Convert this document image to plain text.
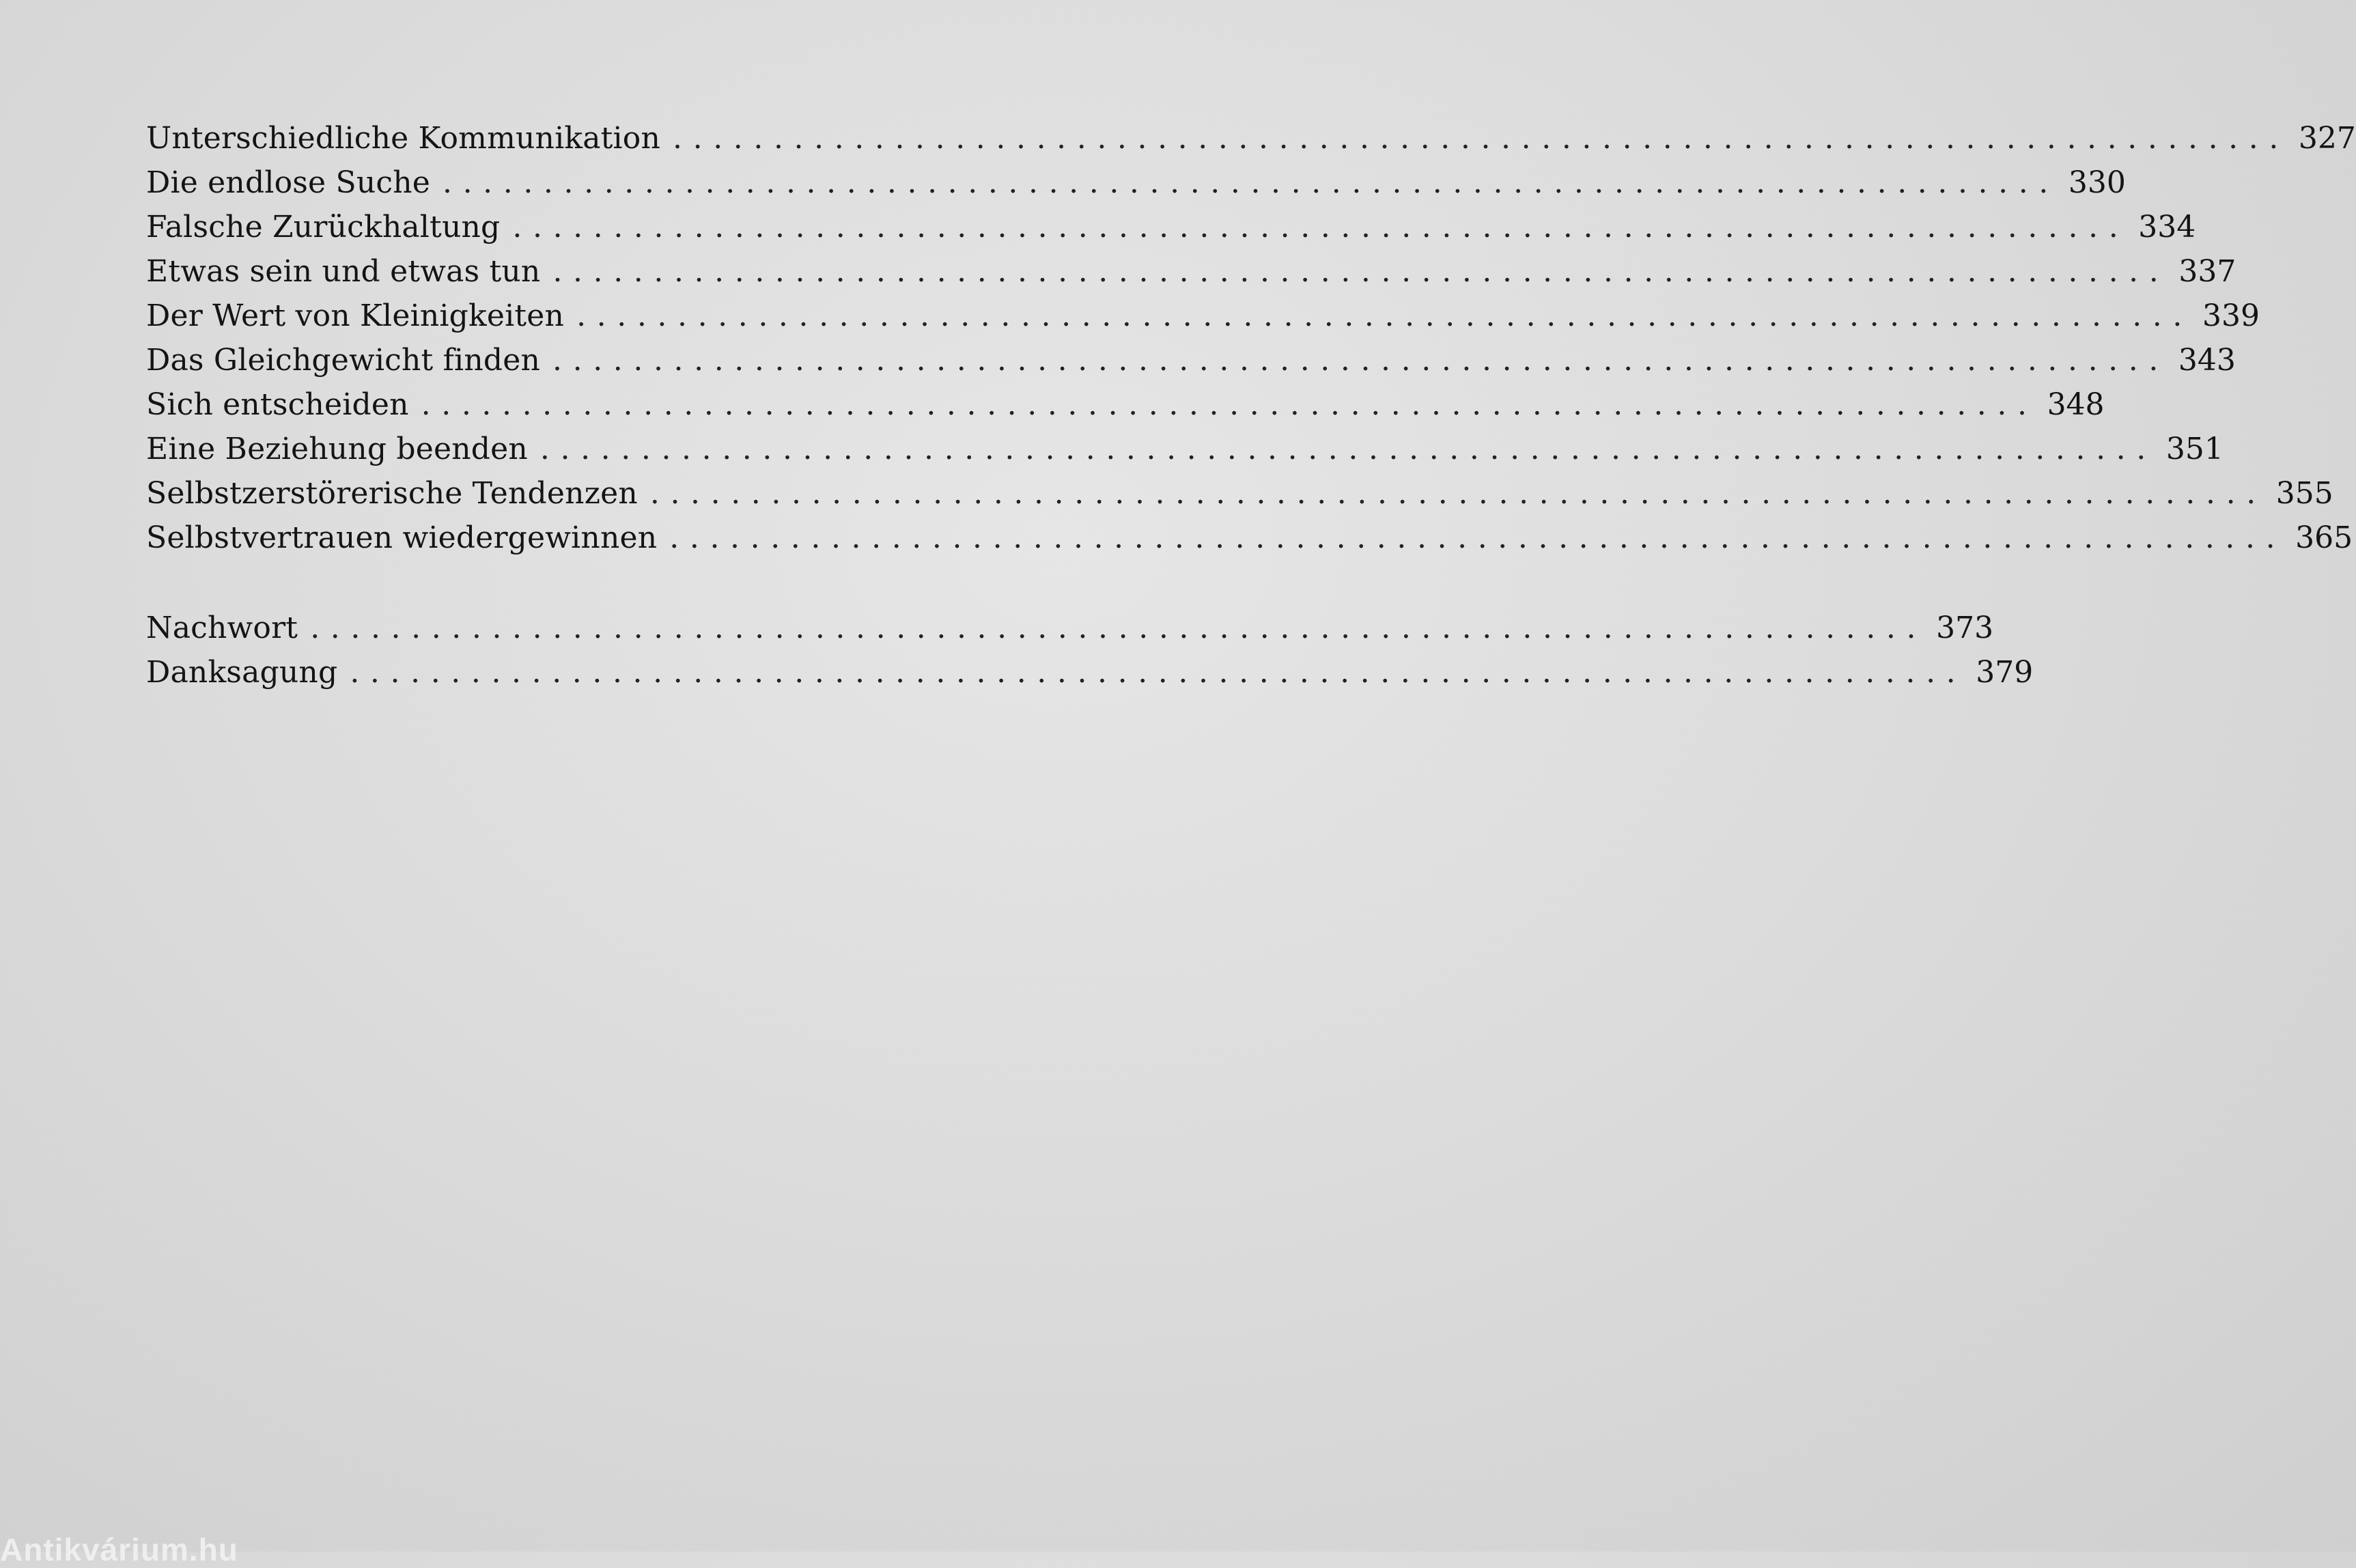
Unterschiedliche Kommunikation ................................................................................ 327
Die endlose Suche ................................................................................ 330
Falsche Zurückhaltung ................................................................................ 334
Etwas sein und etwas tun ................................................................................ 337
Der Wert von Kleinigkeiten ................................................................................ 339
Das Gleichgewicht finden ................................................................................ 343
Sich entscheiden ................................................................................ 348
Eine Beziehung beenden ................................................................................ 351
Selbstzerstörerische Tendenzen ................................................................................ 355
Selbstvertrauen wiedergewinnen ................................................................................ 365
Nachwort ................................................................................ 373
Danksagung ................................................................................ 379
Antikvárium.hu
